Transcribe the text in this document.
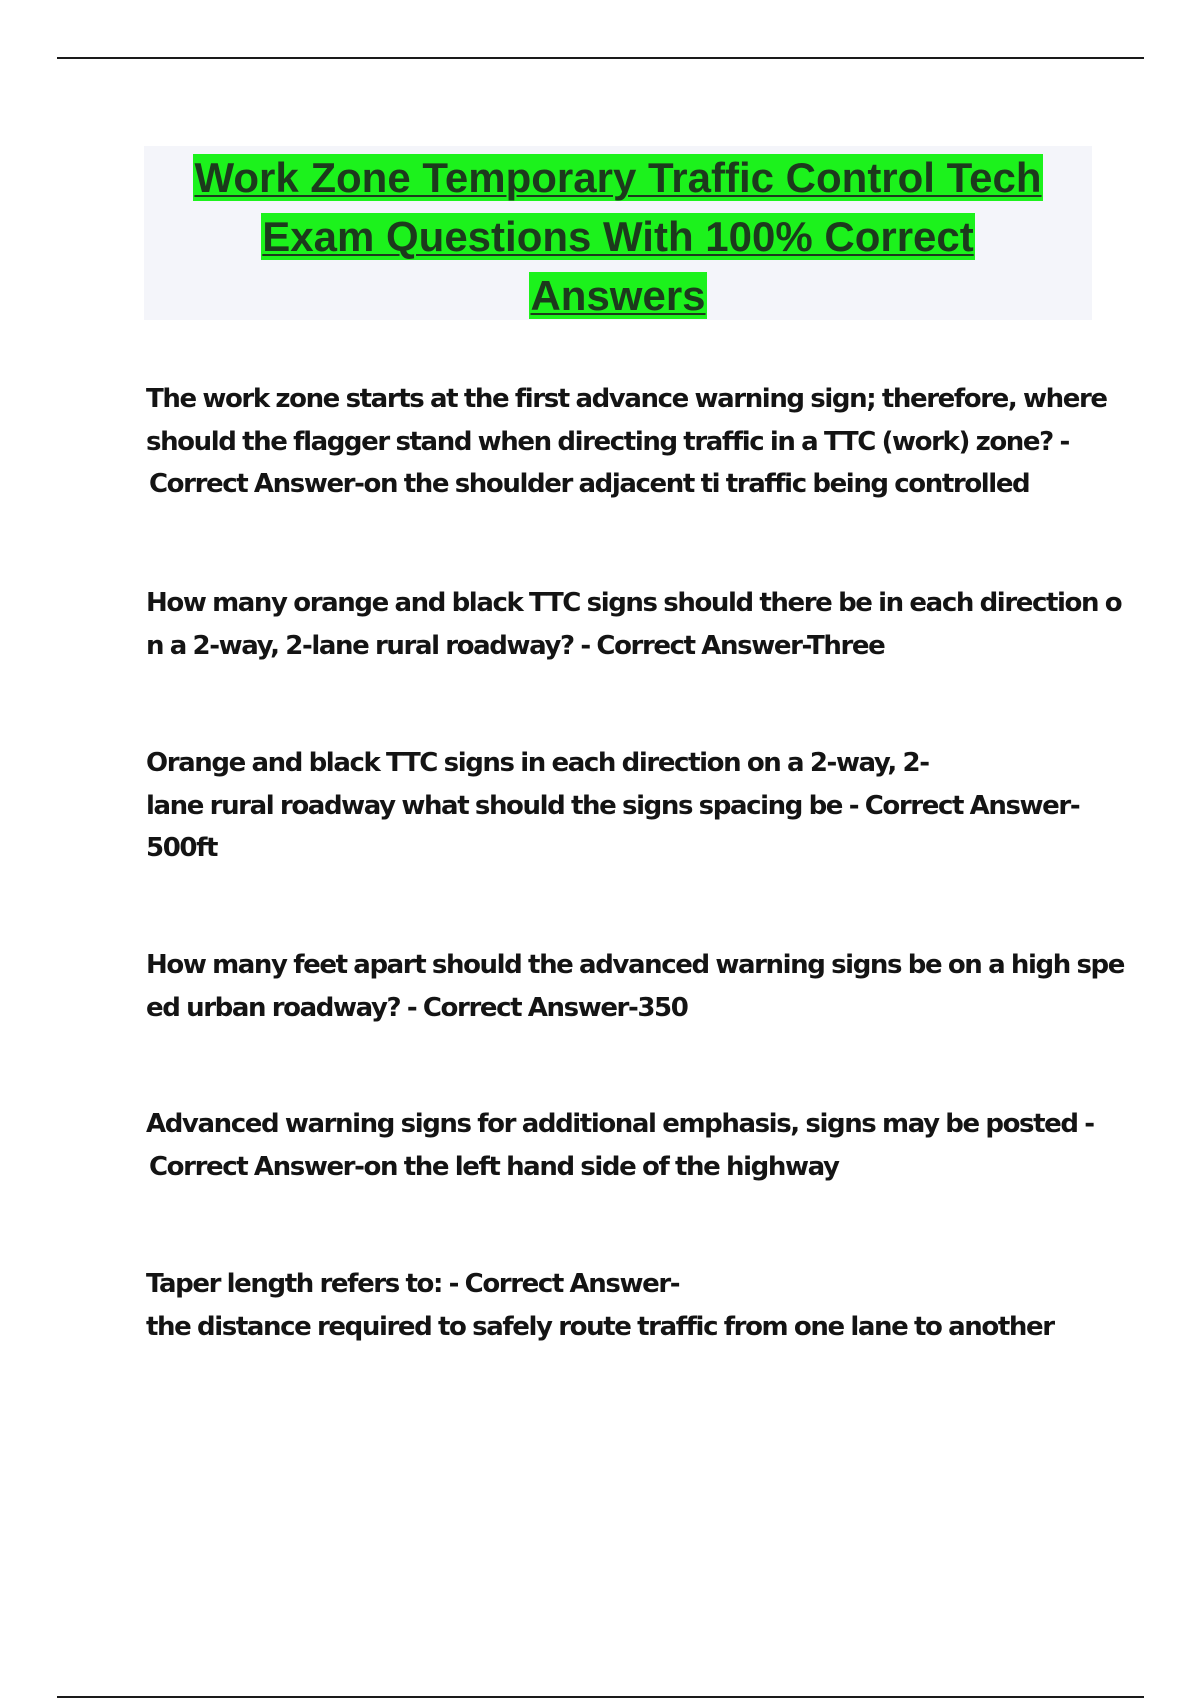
Work Zone Temporary Traffic Control Tech
Exam Questions With 100% Correct
Answers

The work zone starts at the first advance warning sign; therefore, where
should the flagger stand when directing traffic in a TTC (work) zone? -
Correct Answer-on the shoulder adjacent ti traffic being controlled

How many orange and black TTC signs should there be in each direction o
n a 2-way, 2-lane rural roadway? - Correct Answer-Three

Orange and black TTC signs in each direction on a 2-way, 2-
lane rural roadway what should the signs spacing be - Correct Answer-
500ft

How many feet apart should the advanced warning signs be on a high spe
ed urban roadway? - Correct Answer-350

Advanced warning signs for additional emphasis, signs may be posted -
Correct Answer-on the left hand side of the highway

Taper length refers to: - Correct Answer-
the distance required to safely route traffic from one lane to another
